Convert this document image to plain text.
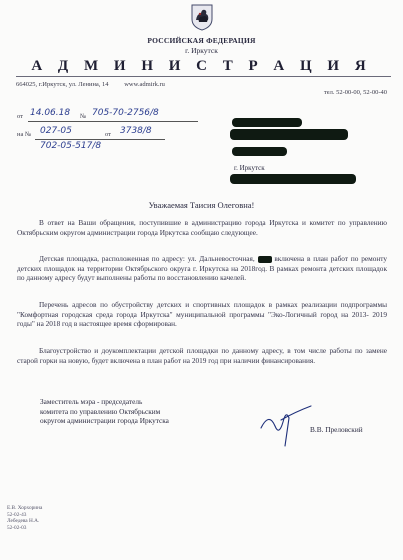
РОССИЙСКАЯ ФЕДЕРАЦИЯ
г. Иркутск
А Д М И Н И С Т Р А Ц И Я
664025, г.Иркутск, ул. Ленина, 14 www.admirk.ru
тел. 52-00-00, 52-00-40
от 14.06.18 № 705-70-2756/8
на № 027-05	от 3738/8
702-05-517/8
г. Иркутск
Уважаемая Таисия Олеговна!
В ответ на Ваши обращения, поступившие в администрацию города Иркутска и комитет по управлению Октябрьским округом администрации города Иркутска сообщаю следующее.
Детская площадка, расположенная по адресу: ул. Дальневосточная,	включена в план работ по ремонту детских площадок на территории Октябрьского округа г. Иркутска на 2018год. В рамках ремонта детских площадок по данному адресу будут выполнены работы по восстановлению качелей.
Перечень адресов по обустройству детских и спортивных площадок в рамках реализации подпрограммы "Комфортная городская среда города Иркутска" муниципальной программы "Эко-Логичный город на 2013- 2019 годы" на 2018 год в настоящее время сформирован.
Благоустройство и доукомплектации детской площадки по данному адресу, в том числе работы по замене старой горки на новую, будет включена в план работ на 2019 год при наличии финансирования.
Заместитель мэра - председатель
комитета по управлению Октябрьским
округом администрации города Иркутска
В.В. Преловский
Е.В. Хорхорина
52-02-43
Лебедева Н.А.
52-02-03
